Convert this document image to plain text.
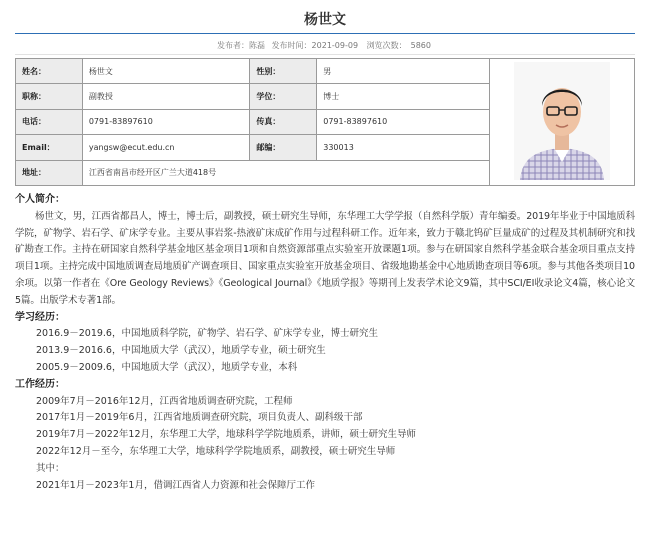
杨世文
发布者：陈磊 发布时间：2021-09-09 浏览次数： 5860
姓名：	杨世文	性别：	男	
职称：	副教授	学位：	博士	
电话：	0791-83897610	传真：	0791-83897610	
Email：	yangsw@ecut.edu.cn	邮编：	330013	
地址：	江西省南昌市经开区广兰大道418号			
个人简介：
杨世文，男，江西省都昌人，博士，博士后，副教授，硕士研究生导师，东华理工大学学报（自然科学版）青年编委。2019年毕业于中国地质科学院，矿物学、岩石学、矿床学专业。主要从事岩浆-热液矿床成矿作用与过程科研工作。近年来，致力于赣北钨矿巨量成矿的过程及其机制研究和找矿勘查工作。主持在研国家自然科学基金地区基金项目1项和自然资源部重点实验室开放课题1项。参与在研国家自然科学基金联合基金项目重点支持项目1项。主持完成中国地质调查局地质矿产调查项目、国家重点实验室开放基金项目、省级地勘基金中心地质勘查项目等6项。参与其他各类项目10余项。以第一作者在《Ore Geology Reviews》《Geological Journal》《地质学报》等期刊上发表学术论文9篇，其中SCI/EI收录论文4篇，核心论文5篇。出版学术专著1部。
学习经历：
2016.9－2019.6，中国地质科学院，矿物学、岩石学、矿床学专业，博士研究生
2013.9－2016.6，中国地质大学（武汉），地质学专业，硕士研究生
2005.9－2009.6，中国地质大学（武汉），地质学专业，本科
工作经历：
2009年7月－2016年12月，江西省地质调查研究院，工程师
2017年1月－2019年6月，江西省地质调查研究院，项目负责人、副科级干部
2019年7月－2022年12月，东华理工大学，地球科学学院地质系，讲师，硕士研究生导师
2022年12月－至今，东华理工大学，地球科学学院地质系，副教授，硕士研究生导师
其中：
2021年1月－2023年1月，借调江西省人力资源和社会保障厅工作
